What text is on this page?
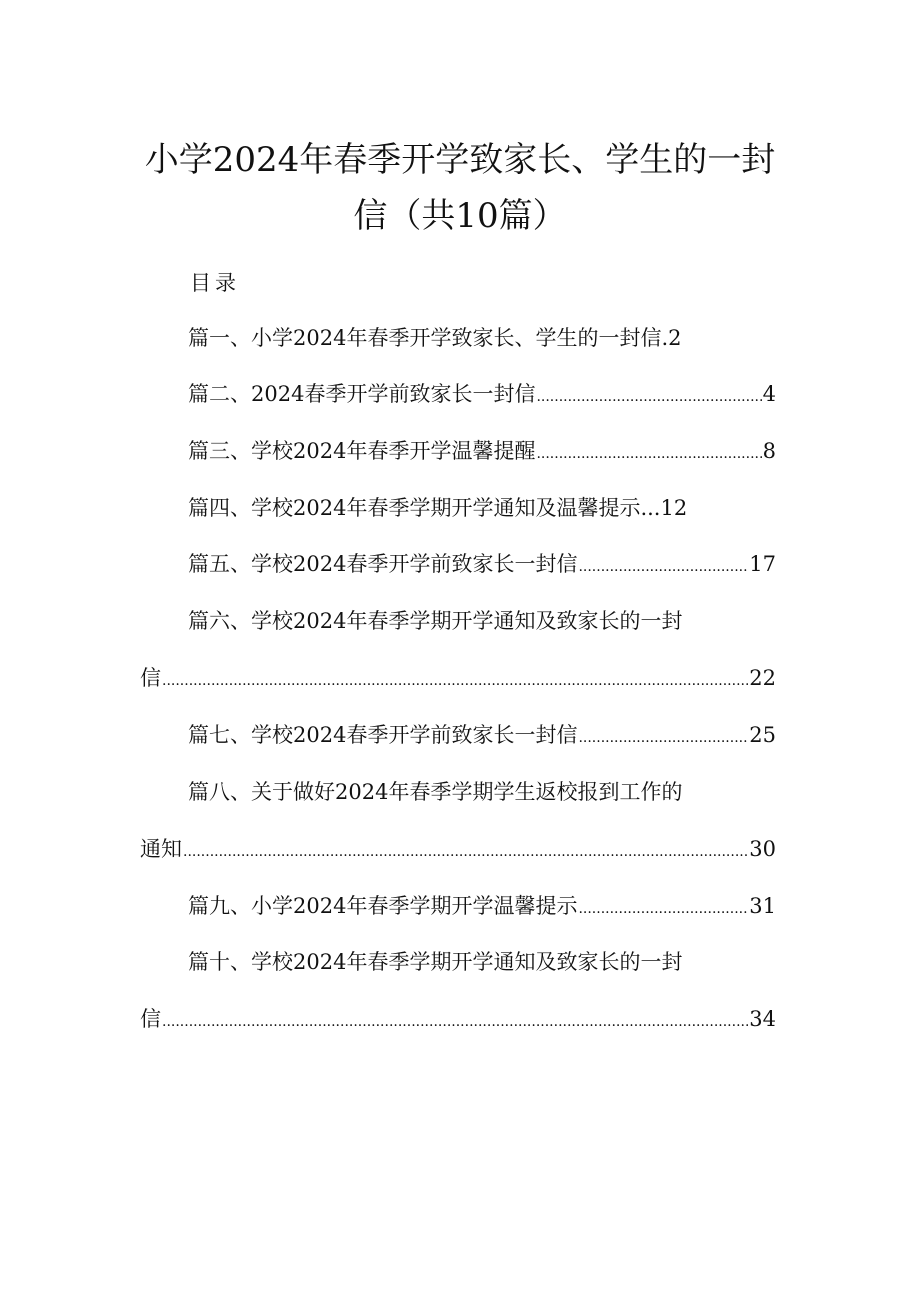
小学2024年春季开学致家长、学生的一封
信（共10篇）
目录
篇一、小学2024年春季开学致家长、学生的一封信 .2
篇二、2024春季开学前致家长一封信 .....	4
篇三、学校2024年春季开学温馨提醒 .....	8
篇四、学校2024年春季学期开学通知及温馨提示 ...12
篇五、学校2024春季开学前致家长一封信 .....	17
篇六、学校2024年春季学期开学通知及致家长的一封
信 .....	22
篇七、学校2024春季开学前致家长一封信 .....	25
篇八、关于做好2024年春季学期学生返校报到工作的
通知 .....	30
篇九、小学2024年春季学期开学温馨提示 .....	31
篇十、学校2024年春季学期开学通知及致家长的一封
信 .....	34
